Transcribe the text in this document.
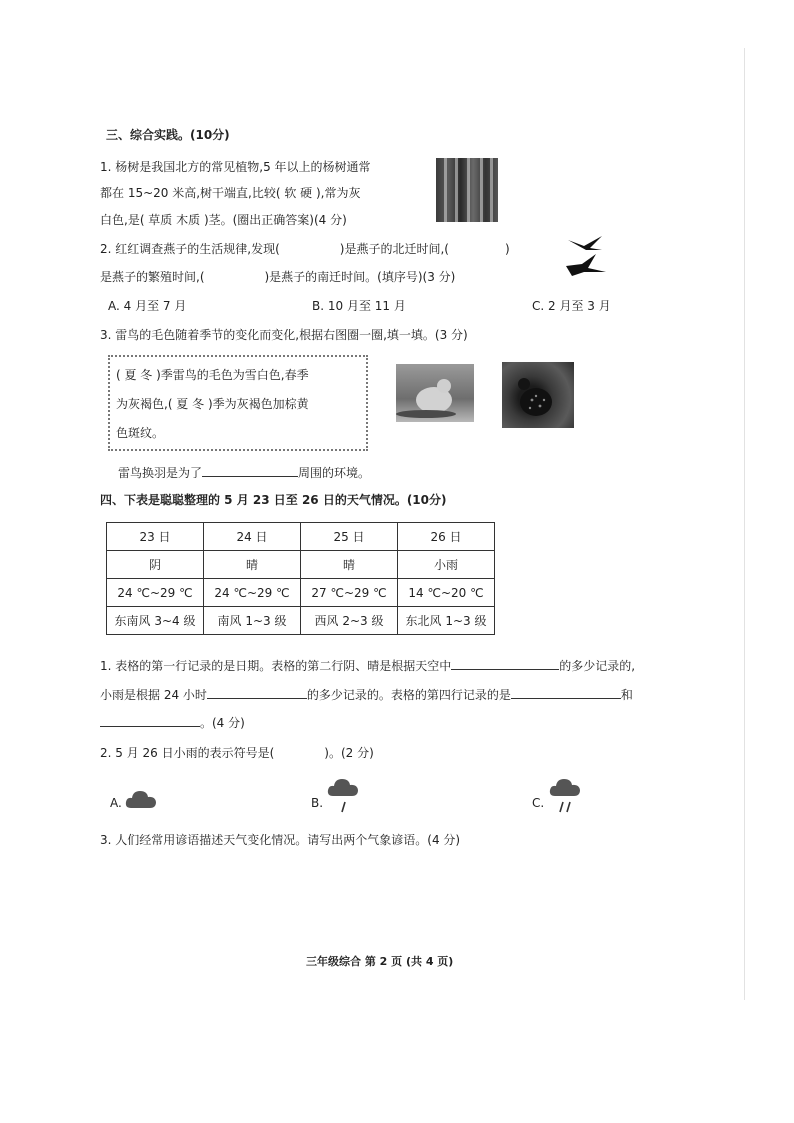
三、综合实践。(10分)
1. 杨树是我国北方的常见植物,5 年以上的杨树通常
都在 15~20 米高,树干端直,比较( 软 硬 ),常为灰
白色,是( 草质 木质 )茎。(圈出正确答案)(4 分)
2. 红红调查燕子的生活规律,发现(	)是燕子的北迁时间,(	)
是燕子的繁殖时间,(	)是燕子的南迁时间。(填序号)(3 分)
A. 4 月至 7 月	B. 10 月至 11 月	C. 2 月至 3 月
3. 雷鸟的毛色随着季节的变化而变化,根据右图圈一圈,填一填。(3 分)
( 夏 冬 )季雷鸟的毛色为雪白色,春季
为灰褐色,( 夏 冬 )季为灰褐色加棕黄
色斑纹。
雷鸟换羽是为了	周围的环境。
四、下表是聪聪整理的 5 月 23 日至 26 日的天气情况。(10分)
23 日	24 日	25 日	26 日
阴	晴	晴	小雨
24 ℃~29 ℃	24 ℃~29 ℃	27 ℃~29 ℃	14 ℃~20 ℃
东南风 3~4 级	南风 1~3 级	西风 2~3 级	东北风 1~3 级
1. 表格的第一行记录的是日期。表格的第二行阴、晴是根据天空中	的多少记录的,
小雨是根据 24 小时	的多少记录的。表格的第四行记录的是	和
。(4 分)
2. 5 月 26 日小雨的表示符号是(	)。(2 分)
A.	B.	C.
3. 人们经常用谚语描述天气变化情况。请写出两个气象谚语。(4 分)
三年级综合 第 2 页 (共 4 页)
